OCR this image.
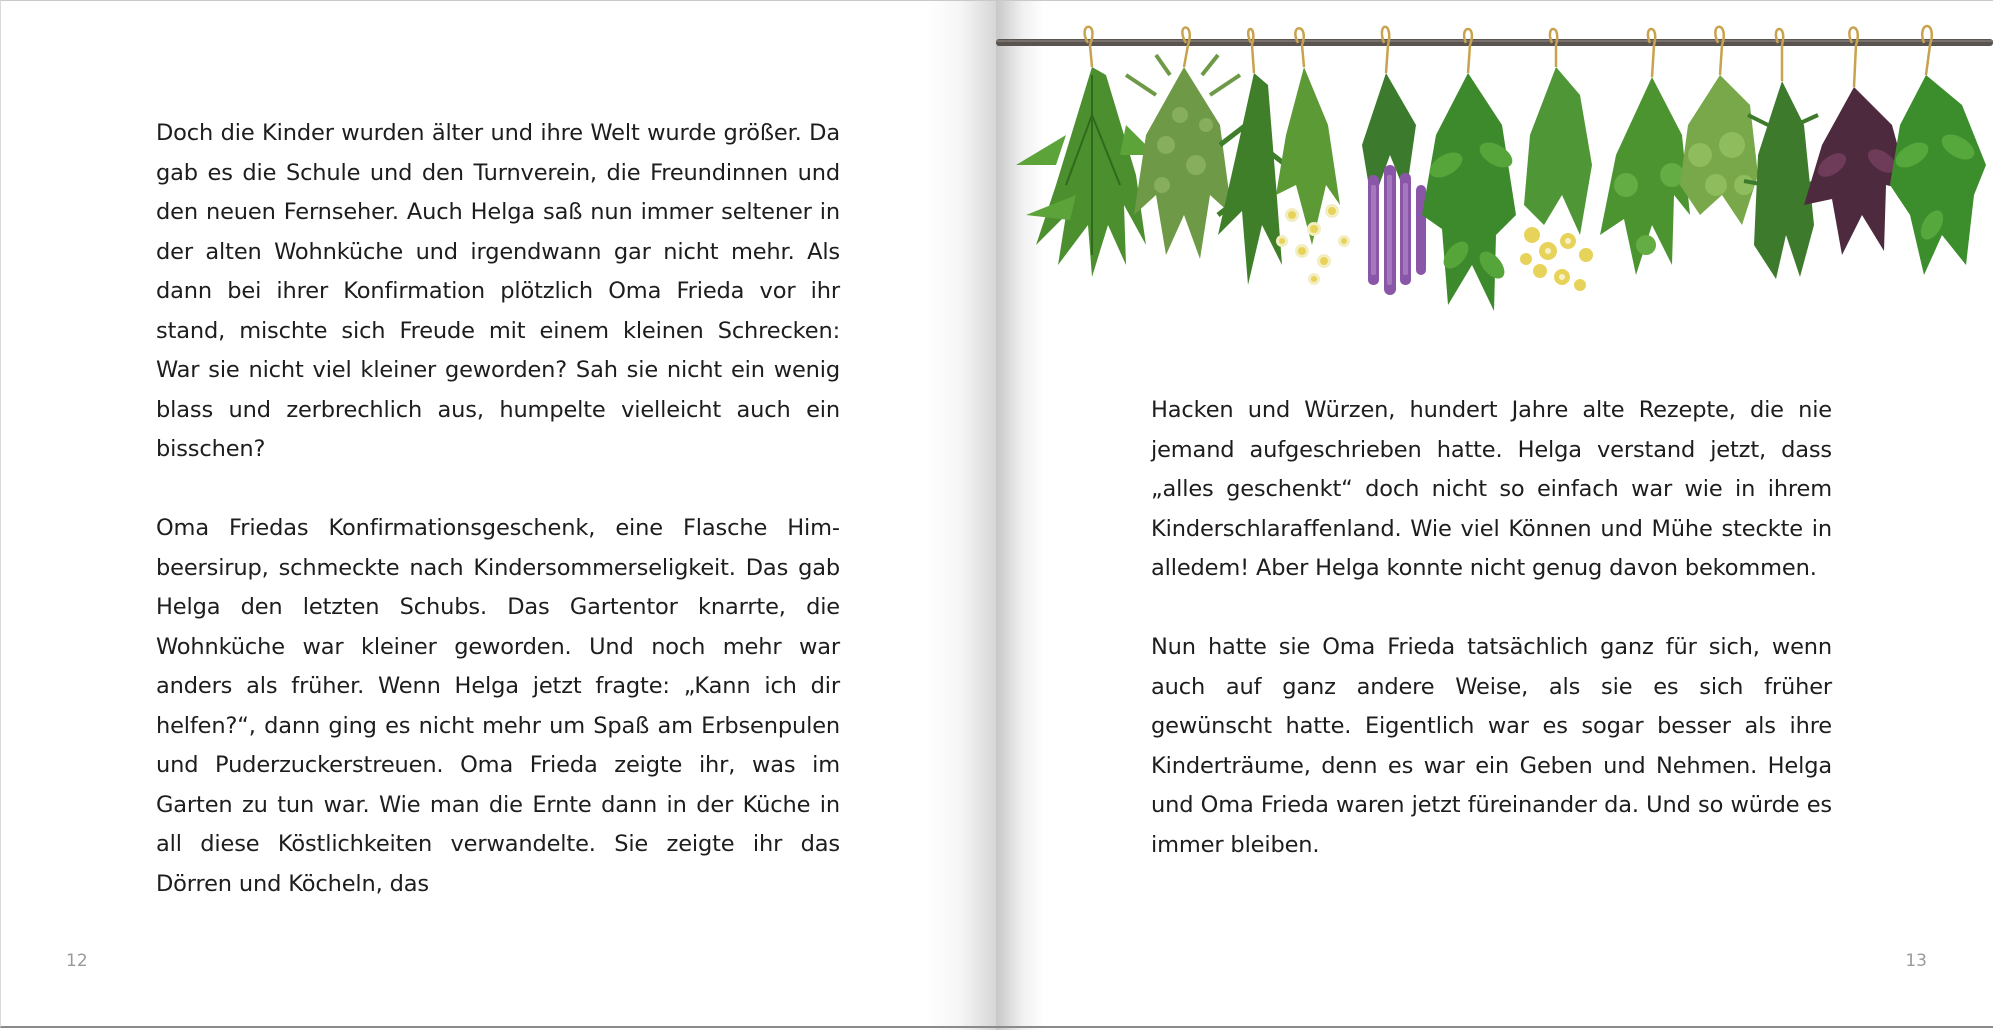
Doch die Kinder wurden älter und ihre Welt wurde größer. Da gab es die Schule und den Turnverein, die Freundinnen und den neuen Fernseher. Auch Helga saß nun immer seltener in der alten Wohnküche und irgendwann gar nicht mehr. Als dann bei ihrer Konfirmation plötzlich Oma Frieda vor ihr stand, mischte sich Freude mit einem kleinen Schrecken: War sie nicht viel kleiner geworden? Sah sie nicht ein wenig blass und zerbrechlich aus, humpelte vielleicht auch ein bisschen?

Oma Friedas Konfirmationsgeschenk, eine Flasche Himbeersirup, schmeckte nach Kindersommerseligkeit. Das gab Helga den letzten Schubs. Das Gartentor knarrte, die Wohnküche war kleiner geworden. Und noch mehr war anders als früher. Wenn Helga jetzt fragte: „Kann ich dir helfen?“, dann ging es nicht mehr um Spaß am Erbsenpulen und Puderzuckerstreuen. Oma Frieda zeigte ihr, was im Garten zu tun war. Wie man die Ernte dann in der Küche in all diese Köstlichkeiten verwandelte. Sie zeigte ihr das Dörren und Köcheln, das

12

Hacken und Würzen, hundert Jahre alte Rezepte, die nie jemand aufgeschrieben hatte. Helga verstand jetzt, dass „alles geschenkt“ doch nicht so einfach war wie in ihrem Kinderschlaraffenland. Wie viel Können und Mühe steckte in alledem! Aber Helga konnte nicht genug davon bekommen.

Nun hatte sie Oma Frieda tatsächlich ganz für sich, wenn auch auf ganz andere Weise, als sie es sich früher gewünscht hatte. Eigentlich war es sogar besser als ihre Kinderträume, denn es war ein Geben und Nehmen. Helga und Oma Frieda waren jetzt füreinander da. Und so würde es immer bleiben.

13
